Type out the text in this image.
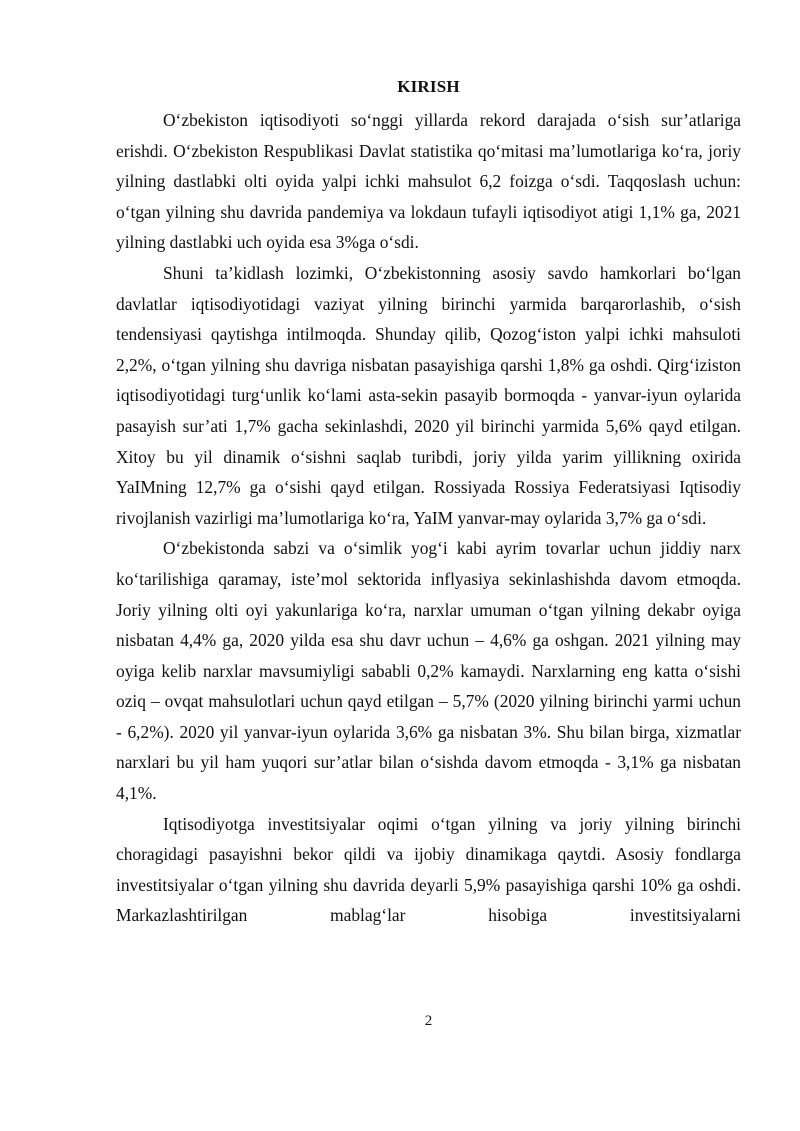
KIRISH

O‘zbekiston iqtisodiyoti so‘nggi yillarda rekord darajada o‘sish sur’atlariga erishdi. O‘zbekiston Respublikasi Davlat statistika qo‘mitasi ma’lumotlariga ko‘ra, joriy yilning dastlabki olti oyida yalpi ichki mahsulot 6,2 foizga o‘sdi. Taqqoslash uchun: o‘tgan yilning shu davrida pandemiya va lokdaun tufayli iqtisodiyot atigi 1,1% ga, 2021 yilning dastlabki uch oyida esa 3%ga o‘sdi.

Shuni ta’kidlash lozimki, O‘zbekistonning asosiy savdo hamkorlari bo‘lgan davlatlar iqtisodiyotidagi vaziyat yilning birinchi yarmida barqarorlashib, o‘sish tendensiyasi qaytishga intilmoqda. Shunday qilib, Qozog‘iston yalpi ichki mahsuloti 2,2%, o‘tgan yilning shu davriga nisbatan pasayishiga qarshi 1,8% ga oshdi. Qirg‘iziston iqtisodiyotidagi turg‘unlik ko‘lami asta-sekin pasayib bormoqda - yanvar-iyun oylarida pasayish sur’ati 1,7% gacha sekinlashdi, 2020 yil birinchi yarmida 5,6% qayd etilgan. Xitoy bu yil dinamik o‘sishni saqlab turibdi, joriy yilda yarim yillikning oxirida YaIMning 12,7% ga o‘sishi qayd etilgan. Rossiyada Rossiya Federatsiyasi Iqtisodiy rivojlanish vazirligi ma’lumotlariga ko‘ra, YaIM yanvar-may oylarida 3,7% ga o‘sdi.

O‘zbekistonda sabzi va o‘simlik yog‘i kabi ayrim tovarlar uchun jiddiy narx ko‘tarilishiga qaramay, iste’mol sektorida inflyasiya sekinlashishda davom etmoqda. Joriy yilning olti oyi yakunlariga ko‘ra, narxlar umuman o‘tgan yilning dekabr oyiga nisbatan 4,4% ga, 2020 yilda esa shu davr uchun – 4,6% ga oshgan. 2021 yilning may oyiga kelib narxlar mavsumiyligi sababli 0,2% kamaydi. Narxlarning eng katta o‘sishi oziq – ovqat mahsulotlari uchun qayd etilgan – 5,7% (2020 yilning birinchi yarmi uchun - 6,2%). 2020 yil yanvar-iyun oylarida 3,6% ga nisbatan 3%. Shu bilan birga, xizmatlar narxlari bu yil ham yuqori sur’atlar bilan o‘sishda davom etmoqda - 3,1% ga nisbatan 4,1%.

Iqtisodiyotga investitsiyalar oqimi o‘tgan yilning va joriy yilning birinchi choragidagi pasayishni bekor qildi va ijobiy dinamikaga qaytdi. Asosiy fondlarga investitsiyalar o‘tgan yilning shu davrida deyarli 5,9% pasayishiga qarshi 10% ga oshdi. Markazlashtirilgan mablag‘lar hisobiga investitsiyalarni

2
